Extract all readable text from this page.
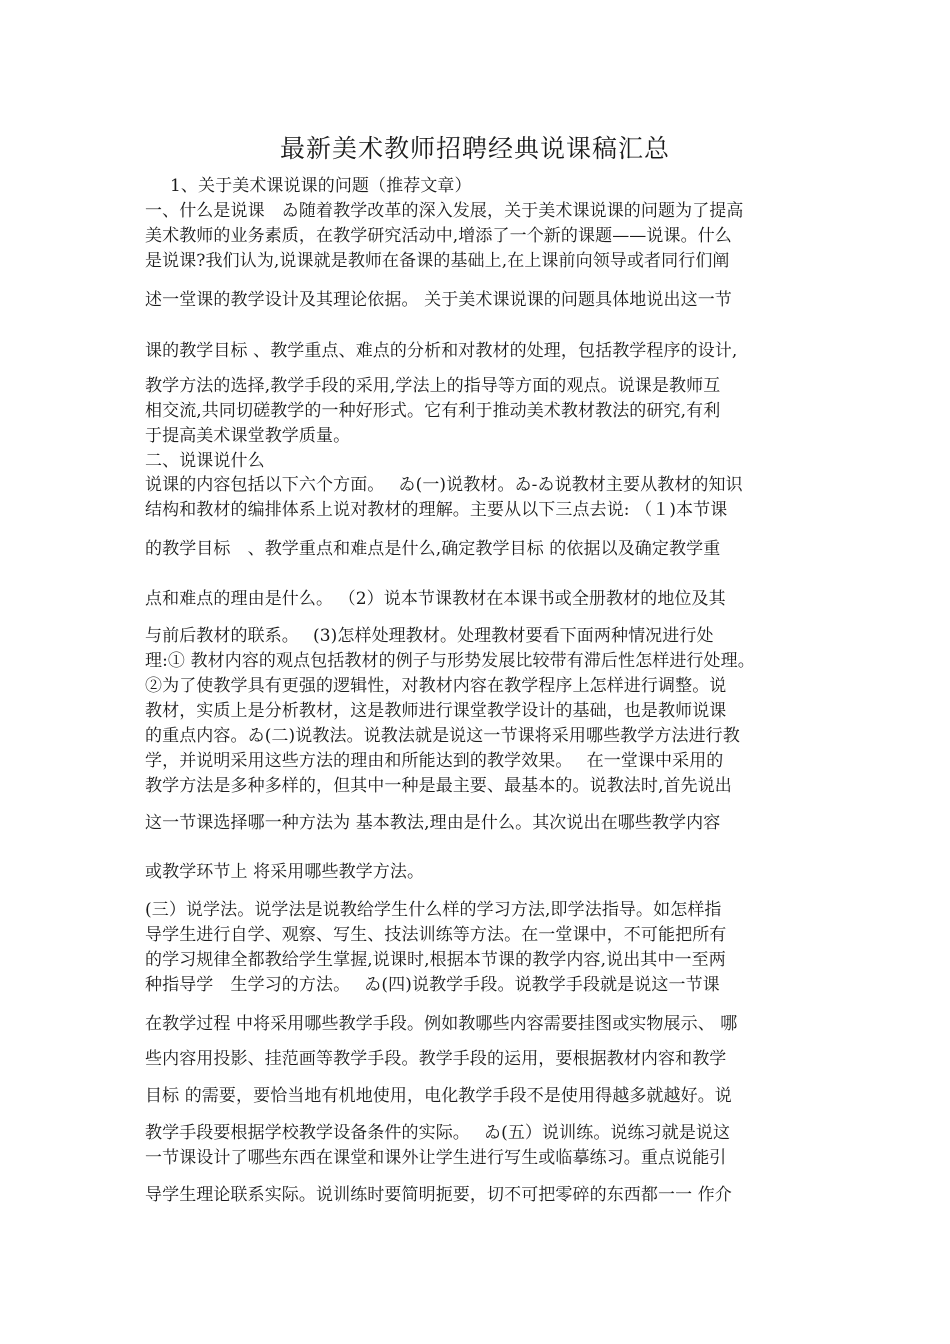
最新美术教师招聘经典说课稿汇总
1、关于美术课说课的问题（推荐文章）
一、什么是说课　ゐ随着教学改革的深入发展，关于美术课说课的问题为了提高
美术教师的业务素质，在教学研究活动中,增添了一个新的课题——说课。什么
是说课?我们认为,说课就是教师在备课的基础上,在上课前向领导或者同行们阐
述一堂课的教学设计及其理论依据。 关于美术课说课的问题具体地说出这一节
课的教学目标 、教学重点、难点的分析和对教材的处理，包括教学程序的设计,
教学方法的选择,教学手段的采用,学法上的指导等方面的观点。说课是教师互
相交流,共同切磋教学的一种好形式。它有利于推动美术教材教法的研究,有利
于提高美术课堂教学质量。
二、说课说什么
说课的内容包括以下六个方面。　 ゐ(一)说教材。ゐ-ゐ说教材主要从教材的知识
结构和教材的编排体系上说对教材的理解。主要从以下三点去说: （１)本节课
的教学目标　、教学重点和难点是什么,确定教学目标 的依据以及确定教学重
点和难点的理由是什么。 （2）说本节课教材在本课书或全册教材的地位及其
与前后教材的联系。　 (3)怎样处理教材。处理教材要看下面两种情况进行处
理:① 教材内容的观点包括教材的例子与形势发展比较带有滞后性怎样进行处理。
②为了使教学具有更强的逻辑性，对教材内容在教学程序上怎样进行调整。说
教材，实质上是分析教材，这是教师进行课堂教学设计的基础，也是教师说课
的重点内容。ゐ(二)说教法。说教法就是说这一节课将采用哪些教学方法进行教
学，并说明采用这些方法的理由和所能达到的教学效果。　 在一堂课中采用的
教学方法是多种多样的，但其中一种是最主要、最基本的。说教法时,首先说出
这一节课选择哪一种方法为 基本教法,理由是什么。其次说出在哪些教学内容
或教学环节上 将采用哪些教学方法。
(三）说学法。说学法是说教给学生什么样的学习方法,即学法指导。如怎样指
导学生进行自学、观察、写生、技法训练等方法。在一堂课中，不可能把所有
的学习规律全都教给学生掌握,说课时,根据本节课的教学内容,说出其中一至两
种指导学　生学习的方法。　 ゐ(四)说教学手段。说教学手段就是说这一节课
在教学过程 中将采用哪些教学手段。例如教哪些内容需要挂图或实物展示、 哪
些内容用投影、挂范画等教学手段。教学手段的运用，要根据教材内容和教学
目标 的需要，要恰当地有机地使用，电化教学手段不是使用得越多就越好。说
教学手段要根据学校教学设备条件的实际。　 ゐ(五）说训练。说练习就是说这
一节课设计了哪些东西在课堂和课外让学生进行写生或临摹练习。重点说能引
导学生理论联系实际。说训练时要简明扼要，切不可把零碎的东西都一一 作介
